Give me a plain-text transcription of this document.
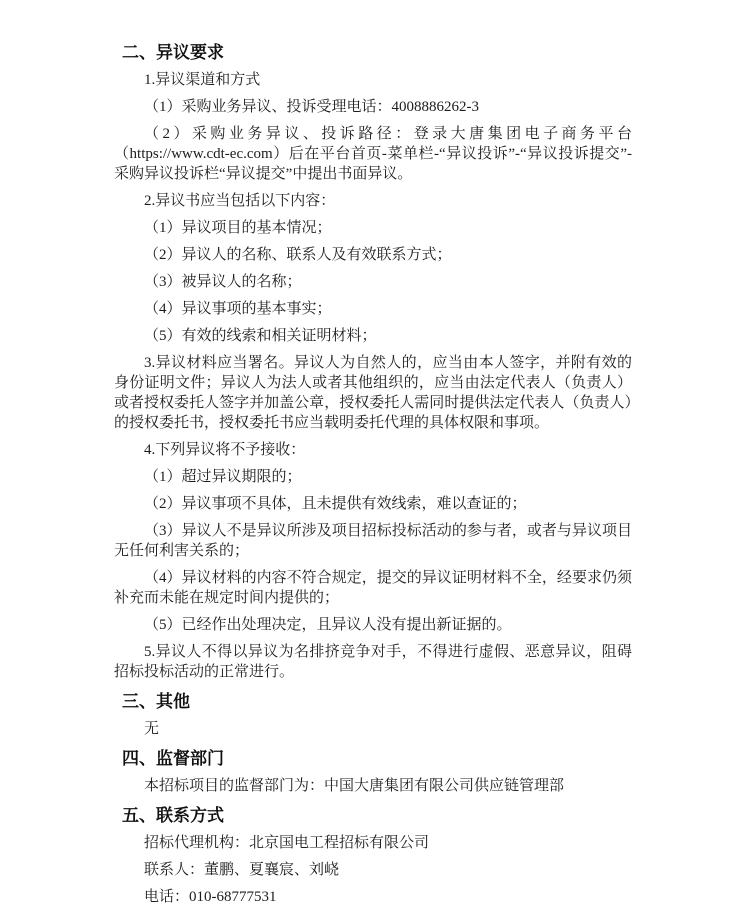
二、异议要求

1.异议渠道和方式

（1）采购业务异议、投诉受理电话：4008886262-3

（2）采购业务异议、投诉路径：登录大唐集团电子商务平台（https://www.cdt-ec.com）后在平台首页-菜单栏-“异议投诉”-“异议投诉提交”-采购异议投诉栏“异议提交”中提出书面异议。

2.异议书应当包括以下内容：

（1）异议项目的基本情况；

（2）异议人的名称、联系人及有效联系方式；

（3）被异议人的名称；

（4）异议事项的基本事实；

（5）有效的线索和相关证明材料；

3.异议材料应当署名。异议人为自然人的，应当由本人签字，并附有效的身份证明文件；异议人为法人或者其他组织的，应当由法定代表人（负责人）或者授权委托人签字并加盖公章，授权委托人需同时提供法定代表人（负责人）的授权委托书，授权委托书应当载明委托代理的具体权限和事项。

4.下列异议将不予接收：

（1）超过异议期限的；

（2）异议事项不具体，且未提供有效线索，难以查证的；

（3）异议人不是异议所涉及项目招标投标活动的参与者，或者与异议项目无任何利害关系的；

（4）异议材料的内容不符合规定，提交的异议证明材料不全，经要求仍须补充而未能在规定时间内提供的；

（5）已经作出处理决定，且异议人没有提出新证据的。

5.异议人不得以异议为名排挤竞争对手，不得进行虚假、恶意异议，阻碍招标投标活动的正常进行。

三、其他

无

四、监督部门

本招标项目的监督部门为：中国大唐集团有限公司供应链管理部

五、联系方式

招标代理机构：北京国电工程招标有限公司

联系人：董鹏、夏襄宸、刘峣

电话：010-68777531
